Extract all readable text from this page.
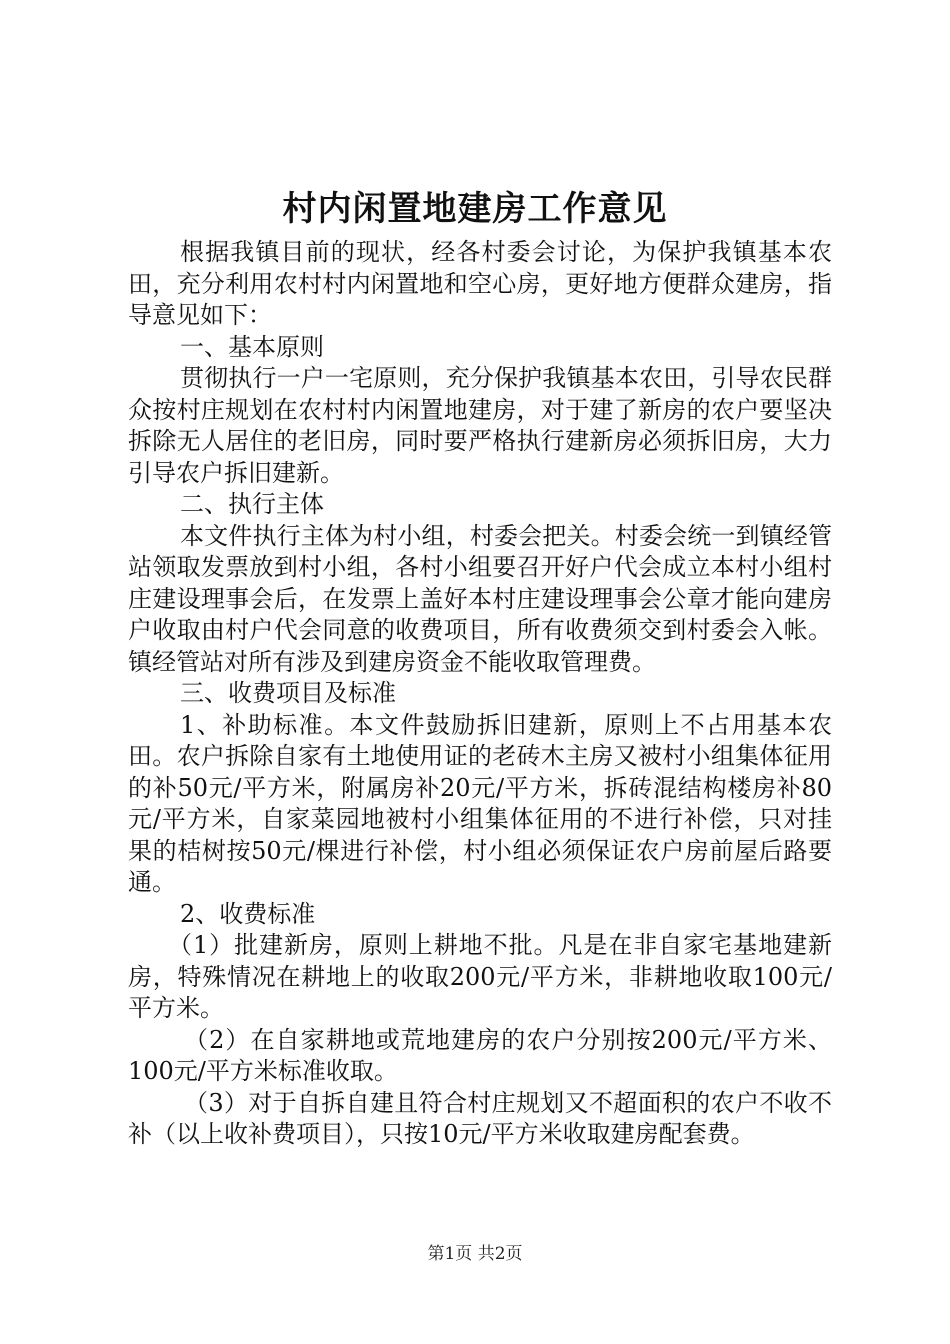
村内闲置地建房工作意见

根据我镇目前的现状，经各村委会讨论，为保护我镇基本农田，充分利用农村村内闲置地和空心房，更好地方便群众建房，指导意见如下：

一、基本原则

贯彻执行一户一宅原则，充分保护我镇基本农田，引导农民群众按村庄规划在农村村内闲置地建房，对于建了新房的农户要坚决拆除无人居住的老旧房，同时要严格执行建新房必须拆旧房，大力引导农户拆旧建新。

二、执行主体

本文件执行主体为村小组，村委会把关。村委会统一到镇经管站领取发票放到村小组，各村小组要召开好户代会成立本村小组村庄建设理事会后，在发票上盖好本村庄建设理事会公章才能向建房户收取由村户代会同意的收费项目，所有收费须交到村委会入帐。镇经管站对所有涉及到建房资金不能收取管理费。

三、收费项目及标准

1、补助标准。本文件鼓励拆旧建新，原则上不占用基本农田。农户拆除自家有土地使用证的老砖木主房又被村小组集体征用的补50元/平方米，附属房补20元/平方米，拆砖混结构楼房补80元/平方米，自家菜园地被村小组集体征用的不进行补偿，只对挂果的桔树按50元/棵进行补偿，村小组必须保证农户房前屋后路要通。

2、收费标准

（1）批建新房，原则上耕地不批。凡是在非自家宅基地建新房，特殊情况在耕地上的收取200元/平方米，非耕地收取100元/平方米。

（2）在自家耕地或荒地建房的农户分别按200元/平方米、100元/平方米标准收取。

（3）对于自拆自建且符合村庄规划又不超面积的农户不收不补（以上收补费项目），只按10元/平方米收取建房配套费。

第1页 共2页
